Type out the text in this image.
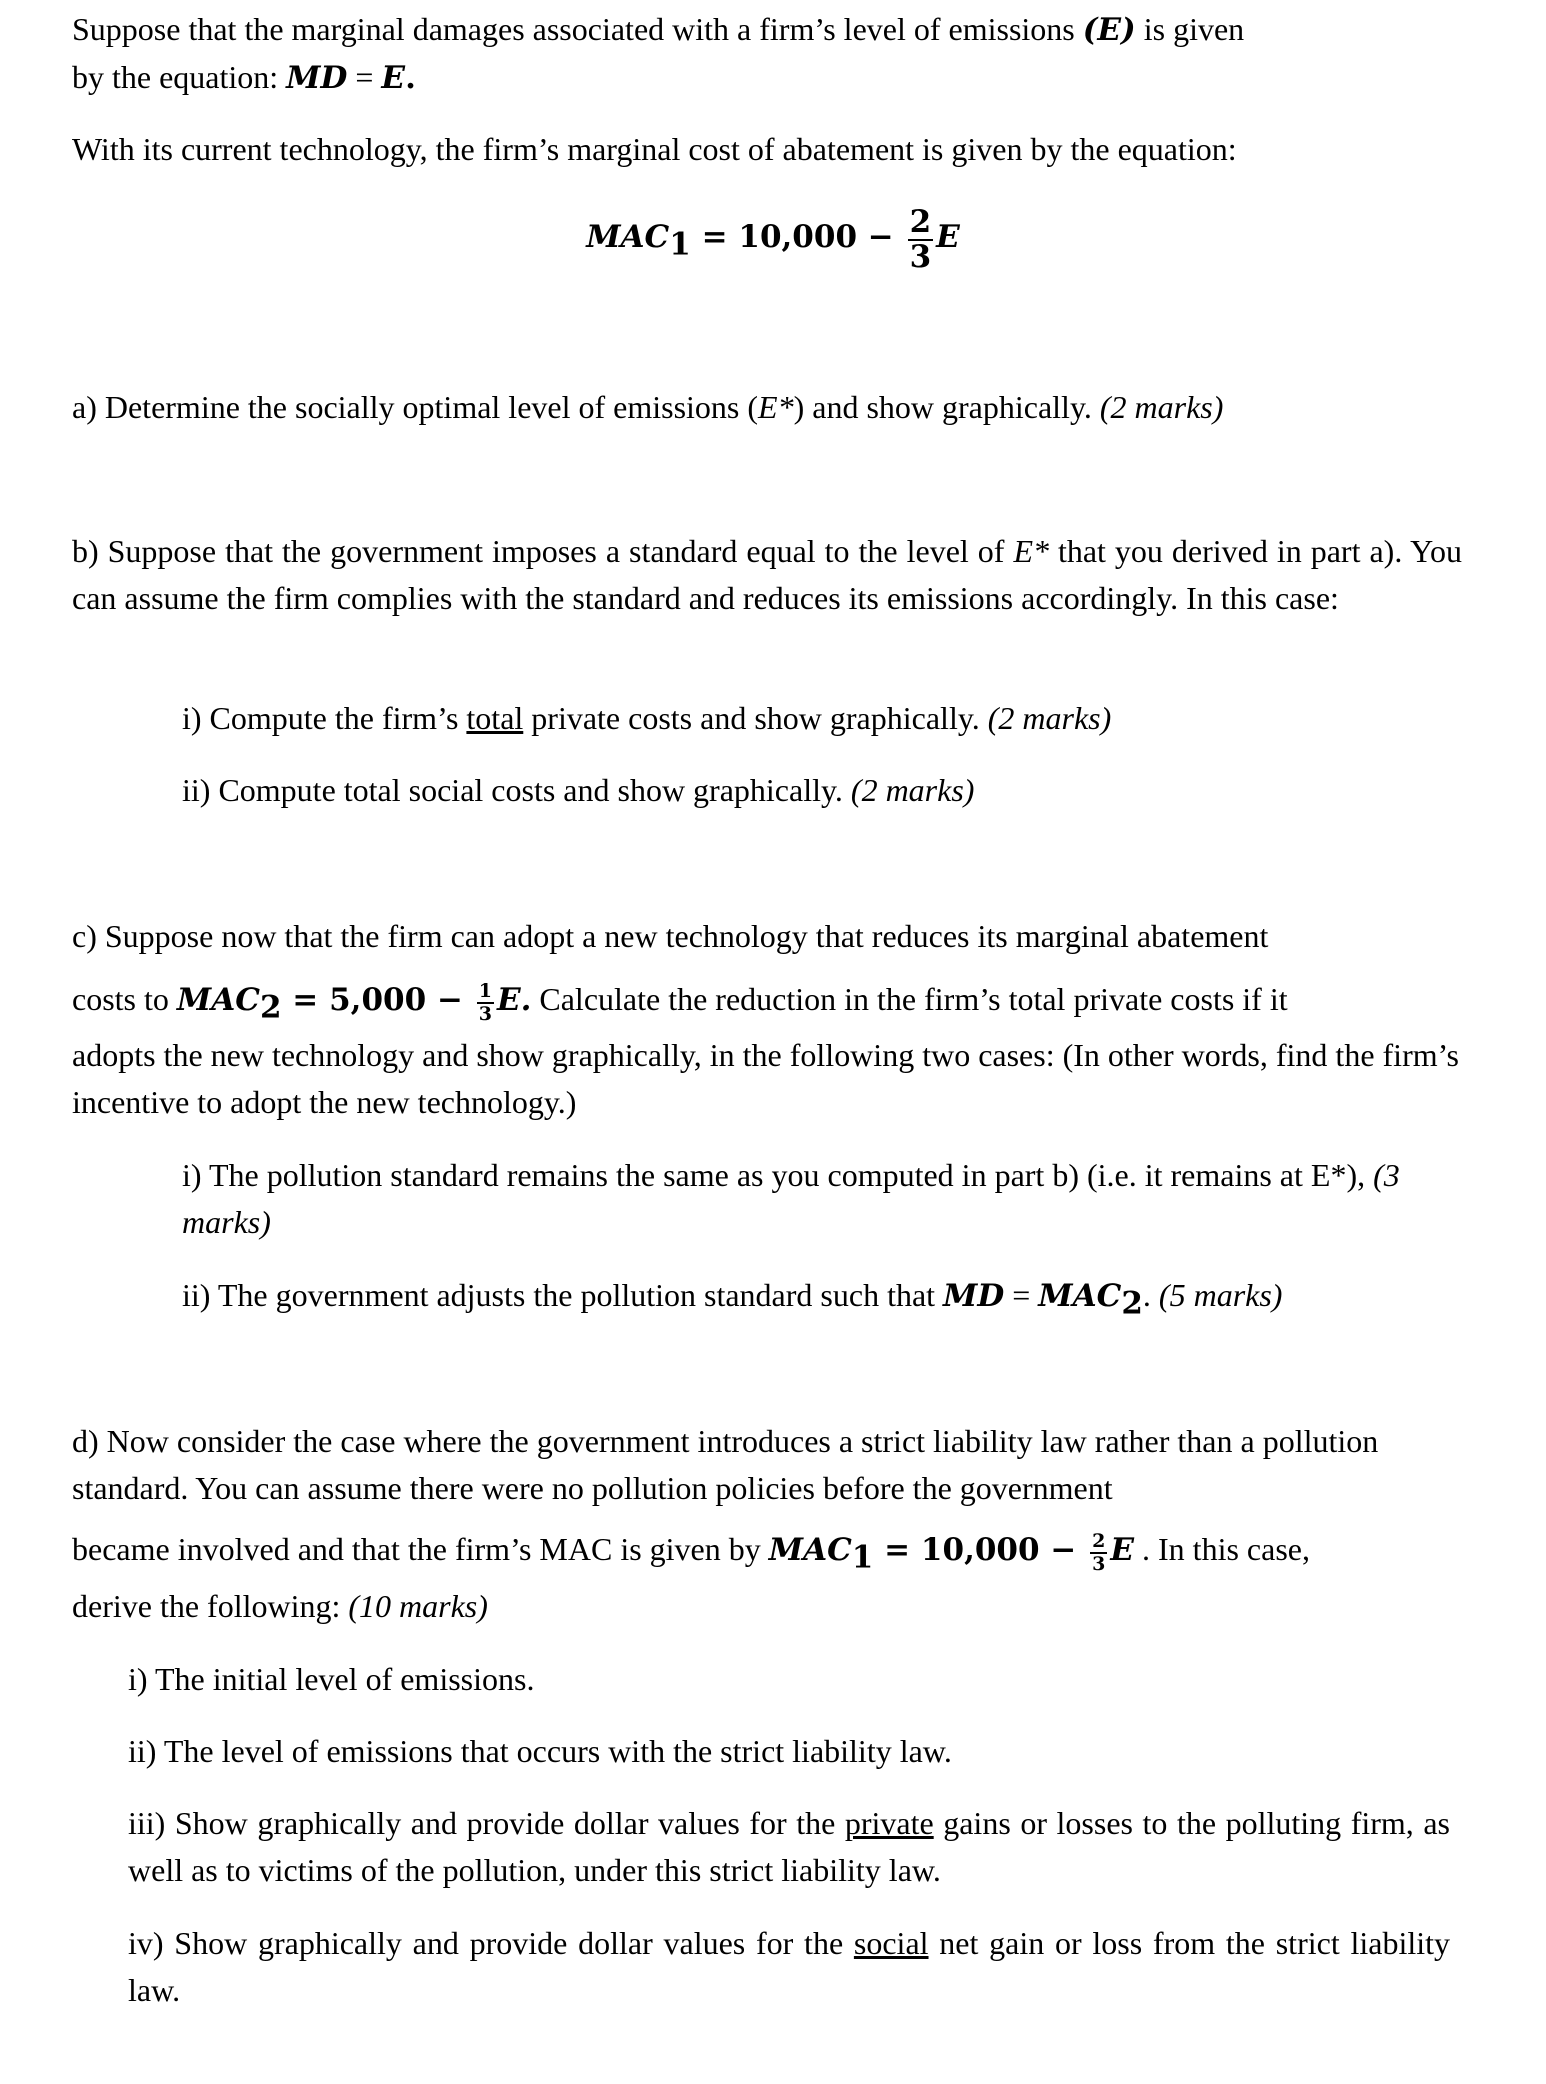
Suppose that the marginal damages associated with a firm’s level of emissions (E) is given

by the equation: MD = E.

With its current technology, the firm’s marginal cost of abatement is given by the equation:

$MAC_1 = 10,000 - \frac{2}{3}$ E

a) Determine the socially optimal level of emissions (E*) and show graphically. (2 marks)

b) Suppose that the government imposes a standard equal to the level of E* that you derived in part a). You can assume the firm complies with the standard and reduces its emissions accordingly. In this case:

i) Compute the firm’s total private costs and show graphically. (2 marks)

ii) Compute total social costs and show graphically. (2 marks)

c) Suppose now that the firm can adopt a new technology that reduces its marginal abatement

costs to $MAC_2 = 5,000 - \frac{1}{3} E$. Calculate the reduction in the firm’s total private costs if it

adopts the new technology and show graphically, in the following two cases: (In other words, find the firm’s incentive to adopt the new technology.)

i) The pollution standard remains the same as you computed in part b) (i.e. it remains at E*), (3 marks)

ii) The government adjusts the pollution standard such that MD = $MAC_2$. (5 marks)

d) Now consider the case where the government introduces a strict liability law rather than a pollution standard. You can assume there were no pollution policies before the government

became involved and that the firm’s MAC is given by $MAC_1 = 10,000 - \frac{2}{3}$ E . In this case,

derive the following: (10 marks)

i) The initial level of emissions.

ii) The level of emissions that occurs with the strict liability law.

iii) Show graphically and provide dollar values for the private gains or losses to the polluting firm, as well as to victims of the pollution, under this strict liability law.

iv) Show graphically and provide dollar values for the social net gain or loss from the strict liability law.
